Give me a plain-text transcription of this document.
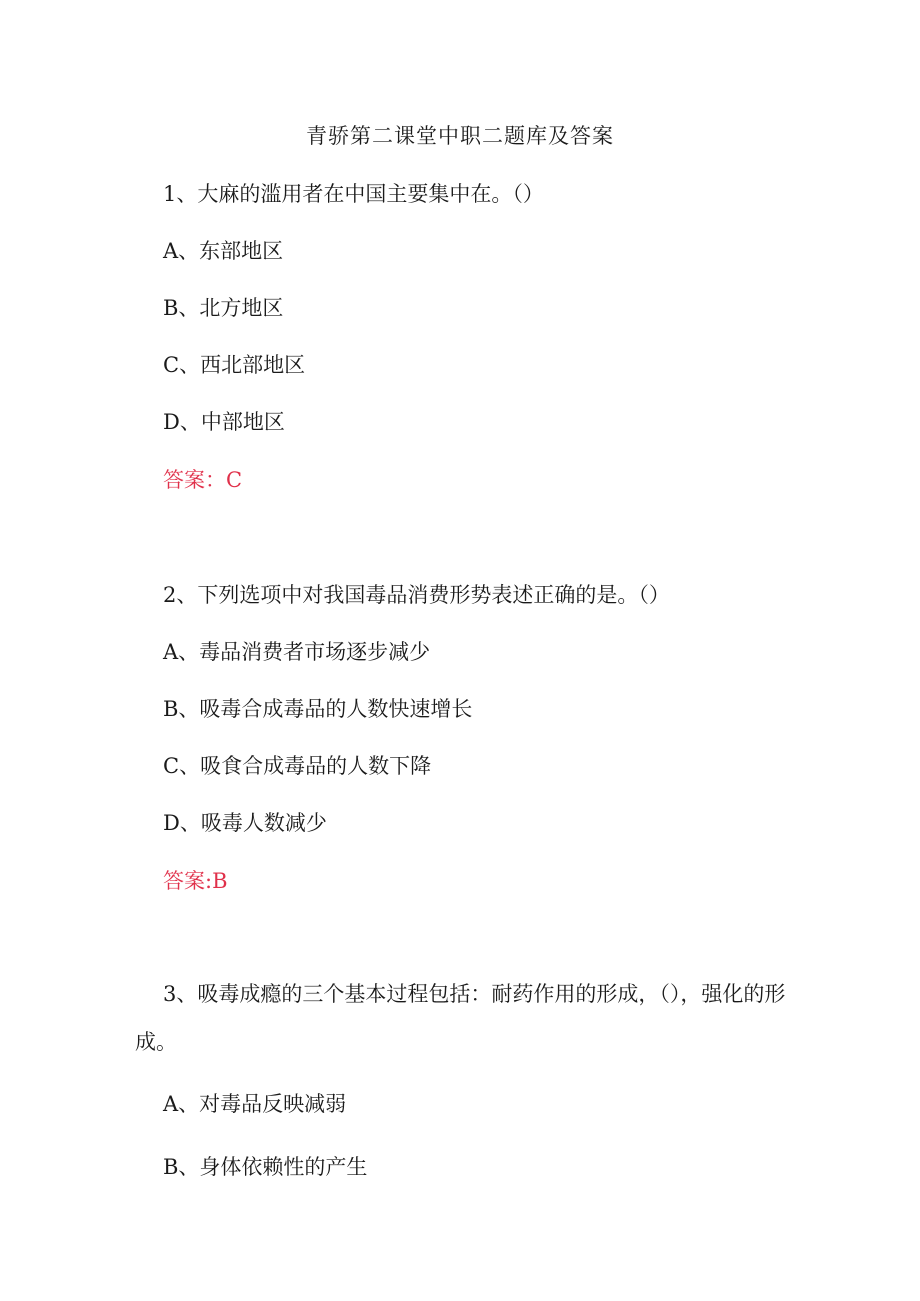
青骄第二课堂中职二题库及答案
1、大麻的滥用者在中国主要集中在。（）
A、东部地区
B、北方地区
C、西北部地区
D、中部地区
答案：C
2、下列选项中对我国毒品消费形势表述正确的是。（）
A、毒品消费者市场逐步减少
B、吸毒合成毒品的人数快速增长
C、吸食合成毒品的人数下降
D、吸毒人数减少
答案:B
3、吸毒成瘾的三个基本过程包括：耐药作用的形成，（），强化的形成。
A、对毒品反映减弱
B、身体依赖性的产生
